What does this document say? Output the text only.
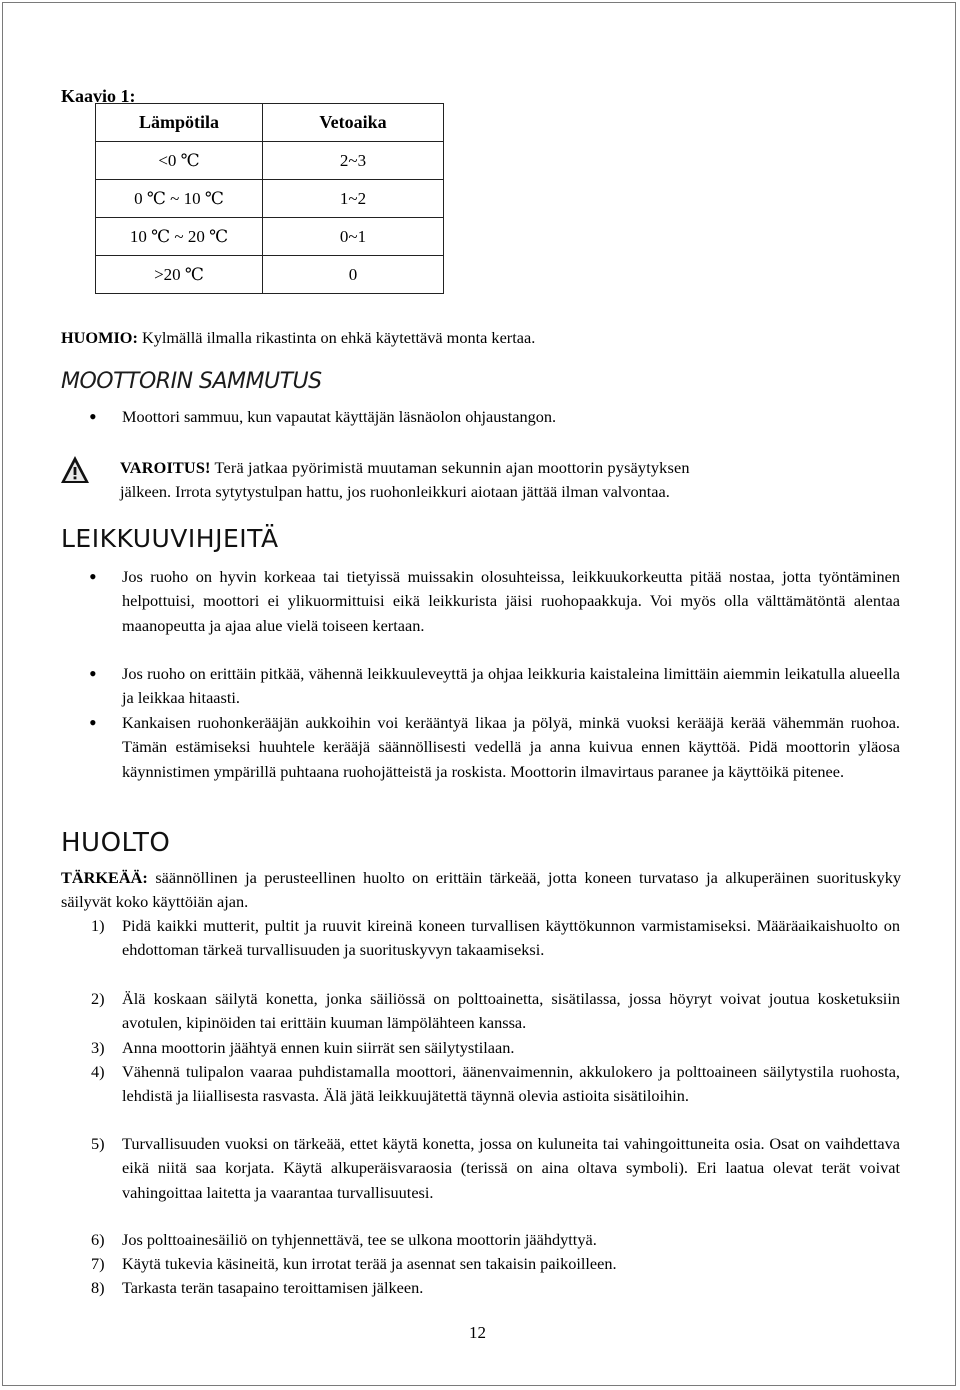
Kaavio 1:
Lämpötila	Vetoaika
<0 ℃	2~3
0 ℃ ~ 10 ℃	1~2
10 ℃ ~ 20 ℃	0~1
>20 ℃	0
HUOMIO: Kylmällä ilmalla rikastinta on ehkä käytettävä monta kertaa.
MOOTTORIN SAMMUTUS
• Moottori sammuu, kun vapautat käyttäjän läsnäolon ohjaustangon.
VAROITUS! Terä jatkaa pyörimistä muutaman sekunnin ajan moottorin pysäytyksen
jälkeen. Irrota sytytystulpan hattu, jos ruohonleikkuri aiotaan jättää ilman valvontaa.
LEIKKUUVIHJEITÄ
• Jos ruoho on hyvin korkeaa tai tietyissä muissakin olosuhteissa, leikkuukorkeutta pitää nostaa, jotta työntäminen helpottuisi, moottori ei ylikuormittuisi eikä leikkurista jäisi ruohopaakkuja. Voi myös olla välttämätöntä alentaa maanopeutta ja ajaa alue vielä toiseen kertaan.
• Jos ruoho on erittäin pitkää, vähennä leikkuuleveyttä ja ohjaa leikkuria kaistaleina limittäin aiemmin leikatulla alueella ja leikkaa hitaasti.
• Kankaisen ruohonkerääjän aukkoihin voi kerääntyä likaa ja pölyä, minkä vuoksi kerääjä kerää vähemmän ruohoa. Tämän estämiseksi huuhtele kerääjä säännöllisesti vedellä ja anna kuivua ennen käyttöä. Pidä moottorin yläosa käynnistimen ympärillä puhtaana ruohojätteistä ja roskista. Moottorin ilmavirtaus paranee ja käyttöikä pitenee.
HUOLTO
TÄRKEÄÄ: säännöllinen ja perusteellinen huolto on erittäin tärkeää, jotta koneen turvataso ja alkuperäinen suorituskyky säilyvät koko käyttöiän ajan.
1) Pidä kaikki mutterit, pultit ja ruuvit kireinä koneen turvallisen käyttökunnon varmistamiseksi. Määräaikaishuolto on ehdottoman tärkeä turvallisuuden ja suorituskyvyn takaamiseksi.
2) Älä koskaan säilytä konetta, jonka säiliössä on polttoainetta, sisätilassa, jossa höyryt voivat joutua kosketuksiin avotulen, kipinöiden tai erittäin kuuman lämpölähteen kanssa.
3) Anna moottorin jäähtyä ennen kuin siirrät sen säilytystilaan.
4) Vähennä tulipalon vaaraa puhdistamalla moottori, äänenvaimennin, akkulokero ja polttoaineen säilytystila ruohosta, lehdistä ja liiallisesta rasvasta. Älä jätä leikkuujätettä täynnä olevia astioita sisätiloihin.
5) Turvallisuuden vuoksi on tärkeää, ettet käytä konetta, jossa on kuluneita tai vahingoittuneita osia. Osat on vaihdettava eikä niitä saa korjata. Käytä alkuperäisvaraosia (terissä on aina oltava symboli). Eri laatua olevat terät voivat vahingoittaa laitetta ja vaarantaa turvallisuutesi.
6) Jos polttoainesäiliö on tyhjennettävä, tee se ulkona moottorin jäähdyttyä.
7) Käytä tukevia käsineitä, kun irrotat terää ja asennat sen takaisin paikoilleen.
8) Tarkasta terän tasapaino teroittamisen jälkeen.
12
